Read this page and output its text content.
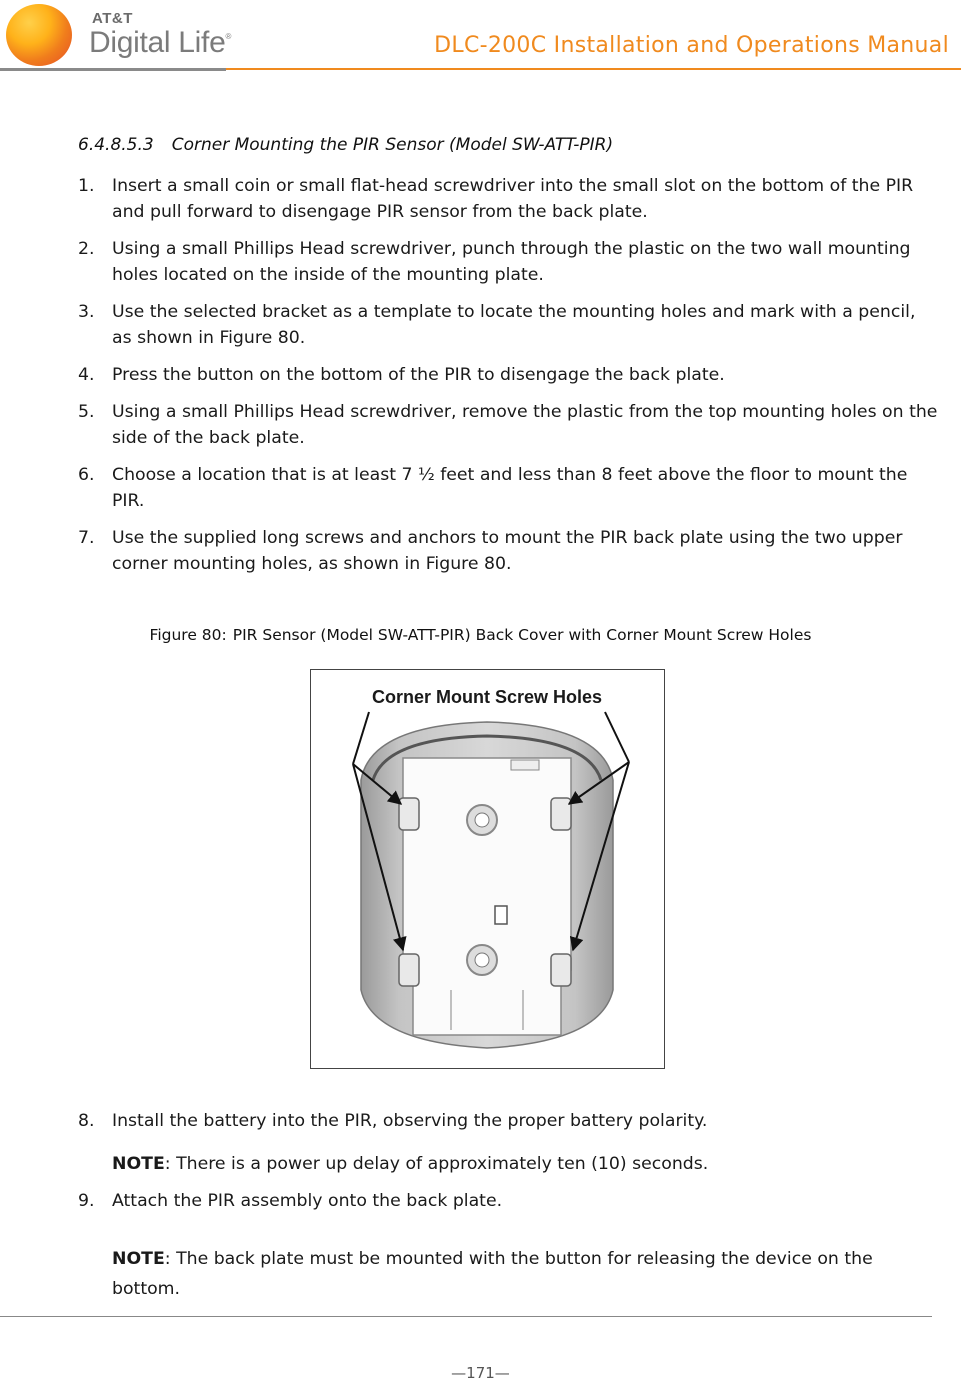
AT&T
Digital Life®	DLC-200C Installation and Operations Manual
6.4.8.5.3 Corner Mounting the PIR Sensor (Model SW-ATT-PIR)
1. Insert a small coin or small flat-head screwdriver into the small slot on the bottom of the PIR and pull forward to disengage PIR sensor from the back plate.
2. Using a small Phillips Head screwdriver, punch through the plastic on the two wall mounting holes located on the inside of the mounting plate.
3. Use the selected bracket as a template to locate the mounting holes and mark with a pencil, as shown in Figure 80.
4. Press the button on the bottom of the PIR to disengage the back plate.
5. Using a small Phillips Head screwdriver, remove the plastic from the top mounting holes on the side of the back plate.
6. Choose a location that is at least 7 ½ feet and less than 8 feet above the floor to mount the PIR.
7. Use the supplied long screws and anchors to mount the PIR back plate using the two upper corner mounting holes, as shown in Figure 80.
Figure 80: PIR Sensor (Model SW-ATT-PIR) Back Cover with Corner Mount Screw Holes
Corner Mount Screw Holes
8. Install the battery into the PIR, observing the proper battery polarity.
9. Attach the PIR assembly onto the back plate.
NOTE: There is a power up delay of approximately ten (10) seconds.
NOTE: The back plate must be mounted with the button for releasing the device on the bottom.
—171—
